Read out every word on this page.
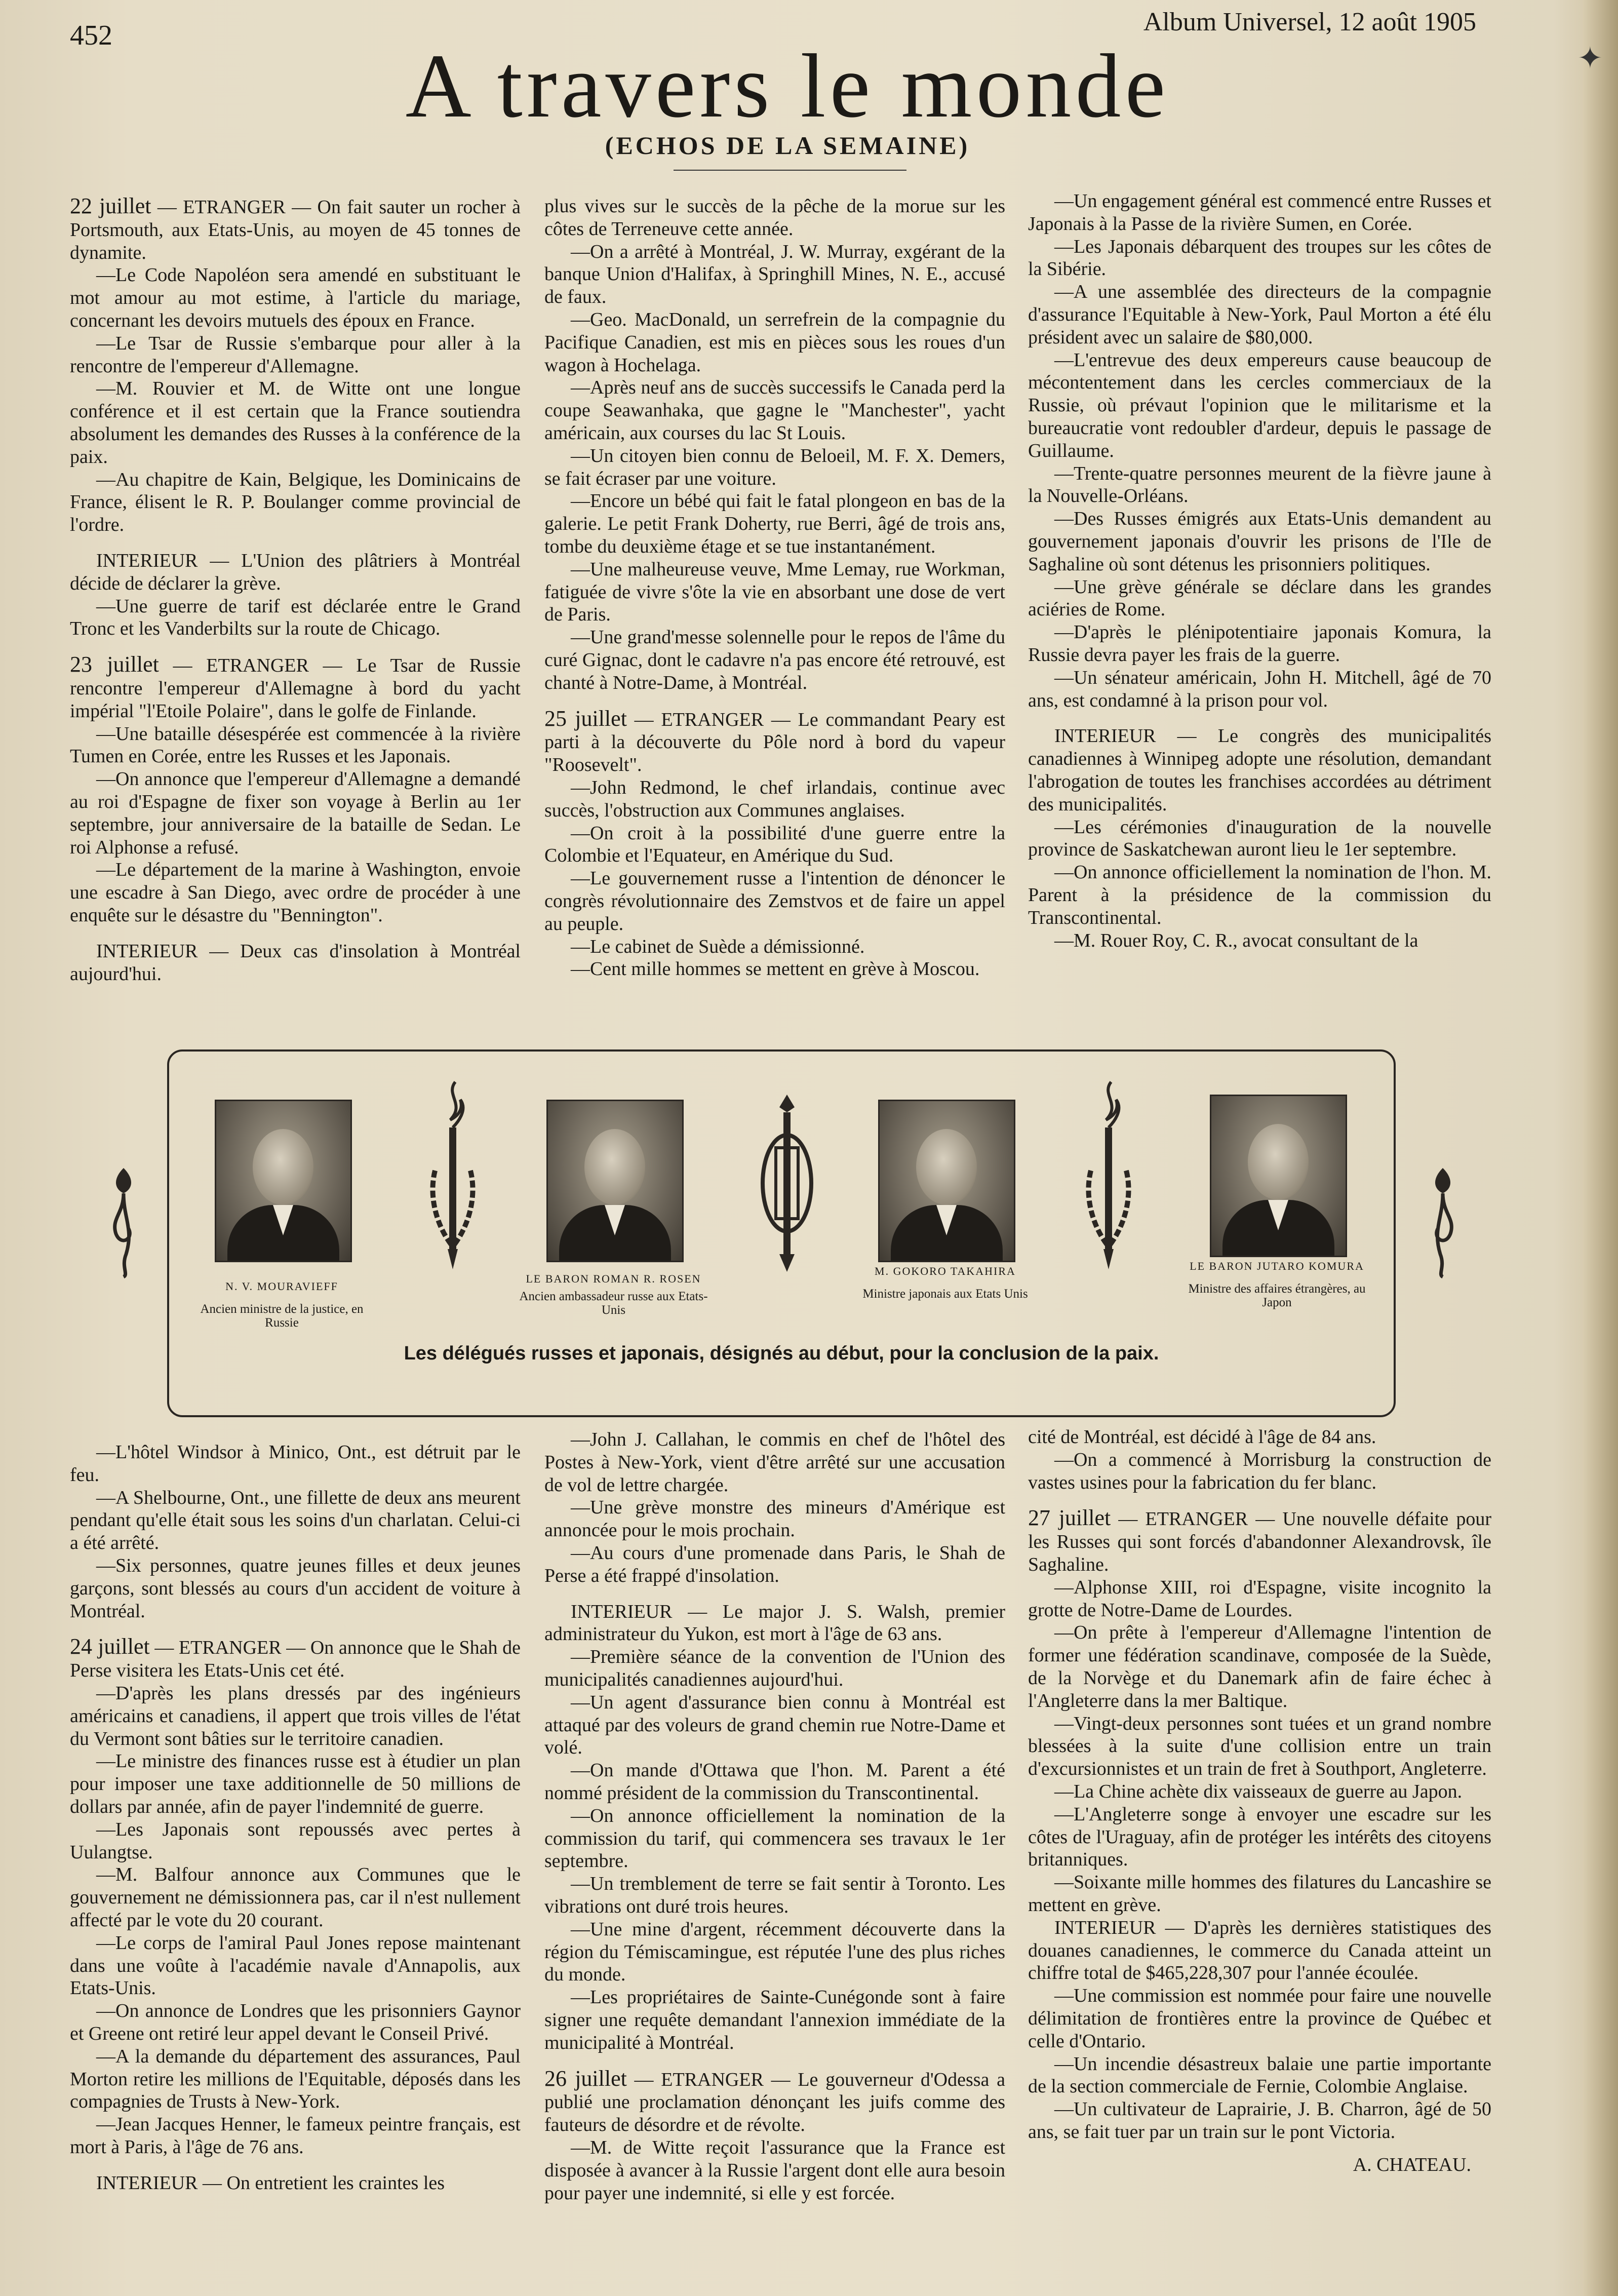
✦
452	Album Universel, 12 août 1905
A travers le monde
(ECHOS DE LA SEMAINE)

22 juillet — ETRANGER — On fait sauter un rocher à Portsmouth, aux Etats-Unis, au moyen de 45 tonnes de dynamite.

—Le Code Napoléon sera amendé en substituant le mot amour au mot estime, à l'article du mariage, concernant les devoirs mutuels des époux en France.

—Le Tsar de Russie s'embarque pour aller à la rencontre de l'empereur d'Allemagne.

—M. Rouvier et M. de Witte ont une longue conférence et il est certain que la France soutiendra absolument les demandes des Russes à la conférence de la paix.

—Au chapitre de Kain, Belgique, les Dominicains de France, élisent le R. P. Boulanger comme provincial de l'ordre.

INTERIEUR — L'Union des plâtriers à Montréal décide de déclarer la grève.

—Une guerre de tarif est déclarée entre le Grand Tronc et les Vanderbilts sur la route de Chicago.

23 juillet — ETRANGER — Le Tsar de Russie rencontre l'empereur d'Allemagne à bord du yacht impérial "l'Etoile Polaire", dans le golfe de Finlande.

—Une bataille désespérée est commencée à la rivière Tumen en Corée, entre les Russes et les Japonais.

—On annonce que l'empereur d'Allemagne a demandé au roi d'Espagne de fixer son voyage à Berlin au 1er septembre, jour anniversaire de la bataille de Sedan. Le roi Alphonse a refusé.

—Le département de la marine à Washington, envoie une escadre à San Diego, avec ordre de procéder à une enquête sur le désastre du "Bennington".

INTERIEUR — Deux cas d'insolation à Montréal aujourd'hui.

plus vives sur le succès de la pêche de la morue sur les côtes de Terreneuve cette année.

—On a arrêté à Montréal, J. W. Murray, exgérant de la banque Union d'Halifax, à Springhill Mines, N. E., accusé de faux.

—Geo. MacDonald, un serrefrein de la compagnie du Pacifique Canadien, est mis en pièces sous les roues d'un wagon à Hochelaga.

—Après neuf ans de succès successifs le Canada perd la coupe Seawanhaka, que gagne le "Manchester", yacht américain, aux courses du lac St Louis.

—Un citoyen bien connu de Beloeil, M. F. X. Demers, se fait écraser par une voiture.

—Encore un bébé qui fait le fatal plongeon en bas de la galerie. Le petit Frank Doherty, rue Berri, âgé de trois ans, tombe du deuxième étage et se tue instantanément.

—Une malheureuse veuve, Mme Lemay, rue Workman, fatiguée de vivre s'ôte la vie en absorbant une dose de vert de Paris.

—Une grand'messe solennelle pour le repos de l'âme du curé Gignac, dont le cadavre n'a pas encore été retrouvé, est chanté à Notre-Dame, à Montréal.

25 juillet — ETRANGER — Le commandant Peary est parti à la découverte du Pôle nord à bord du vapeur "Roosevelt".

—John Redmond, le chef irlandais, continue avec succès, l'obstruction aux Communes anglaises.

—On croit à la possibilité d'une guerre entre la Colombie et l'Equateur, en Amérique du Sud.

—Le gouvernement russe a l'intention de dénoncer le congrès révolutionnaire des Zemstvos et de faire un appel au peuple.

—Le cabinet de Suède a démissionné.

—Cent mille hommes se mettent en grève à Moscou.

—Un engagement général est commencé entre Russes et Japonais à la Passe de la rivière Sumen, en Corée.

—Les Japonais débarquent des troupes sur les côtes de la Sibérie.

—A une assemblée des directeurs de la compagnie d'assurance l'Equitable à New-York, Paul Morton a été élu président avec un salaire de $80,000.

—L'entrevue des deux empereurs cause beaucoup de mécontentement dans les cercles commerciaux de la Russie, où prévaut l'opinion que le militarisme et la bureaucratie vont redoubler d'ardeur, depuis le passage de Guillaume.

—Trente-quatre personnes meurent de la fièvre jaune à la Nouvelle-Orléans.

—Des Russes émigrés aux Etats-Unis demandent au gouvernement japonais d'ouvrir les prisons de l'Ile de Saghaline où sont détenus les prisonniers politiques.

—Une grève générale se déclare dans les grandes aciéries de Rome.

—D'après le plénipotentiaire japonais Komura, la Russie devra payer les frais de la guerre.

—Un sénateur américain, John H. Mitchell, âgé de 70 ans, est condamné à la prison pour vol.

INTERIEUR — Le congrès des municipalités canadiennes à Winnipeg adopte une résolution, demandant l'abrogation de toutes les franchises accordées au détriment des municipalités.

—Les cérémonies d'inauguration de la nouvelle province de Saskatchewan auront lieu le 1er septembre.

—On annonce officiellement la nomination de l'hon. M. Parent à la présidence de la commission du Transcontinental.

—M. Rouer Roy, C. R., avocat consultant de la

N. V. MOURAVIEFF
Ancien ministre de la justice, en Russie
LE BARON ROMAN R. ROSEN
Ancien ambassadeur russe aux Etats-Unis
M. GOKORO TAKAHIRA
Ministre japonais aux Etats Unis
LE BARON JUTARO KOMURA
Ministre des affaires étrangères, au Japon
Les délégués russes et japonais, désignés au début, pour la conclusion de la paix.

—L'hôtel Windsor à Minico, Ont., est détruit par le feu.

—A Shelbourne, Ont., une fillette de deux ans meurent pendant qu'elle était sous les soins d'un charlatan. Celui-ci a été arrêté.

—Six personnes, quatre jeunes filles et deux jeunes garçons, sont blessés au cours d'un accident de voiture à Montréal.

24 juillet — ETRANGER — On annonce que le Shah de Perse visitera les Etats-Unis cet été.

—D'après les plans dressés par des ingénieurs américains et canadiens, il appert que trois villes de l'état du Vermont sont bâties sur le territoire canadien.

—Le ministre des finances russe est à étudier un plan pour imposer une taxe additionnelle de 50 millions de dollars par année, afin de payer l'indemnité de guerre.

—Les Japonais sont repoussés avec pertes à Uulangtse.

—M. Balfour annonce aux Communes que le gouvernement ne démissionnera pas, car il n'est nullement affecté par le vote du 20 courant.

—Le corps de l'amiral Paul Jones repose maintenant dans une voûte à l'académie navale d'Annapolis, aux Etats-Unis.

—On annonce de Londres que les prisonniers Gaynor et Greene ont retiré leur appel devant le Conseil Privé.

—A la demande du département des assurances, Paul Morton retire les millions de l'Equitable, déposés dans les compagnies de Trusts à New-York.

—Jean Jacques Henner, le fameux peintre français, est mort à Paris, à l'âge de 76 ans.

INTERIEUR — On entretient les craintes les

—John J. Callahan, le commis en chef de l'hôtel des Postes à New-York, vient d'être arrêté sur une accusation de vol de lettre chargée.

—Une grève monstre des mineurs d'Amérique est annoncée pour le mois prochain.

—Au cours d'une promenade dans Paris, le Shah de Perse a été frappé d'insolation.

INTERIEUR — Le major J. S. Walsh, premier administrateur du Yukon, est mort à l'âge de 63 ans.

—Première séance de la convention de l'Union des municipalités canadiennes aujourd'hui.

—Un agent d'assurance bien connu à Montréal est attaqué par des voleurs de grand chemin rue Notre-Dame et volé.

—On mande d'Ottawa que l'hon. M. Parent a été nommé président de la commission du Transcontinental.

—On annonce officiellement la nomination de la commission du tarif, qui commencera ses travaux le 1er septembre.

—Un tremblement de terre se fait sentir à Toronto. Les vibrations ont duré trois heures.

—Une mine d'argent, récemment découverte dans la région du Témiscamingue, est réputée l'une des plus riches du monde.

—Les propriétaires de Sainte-Cunégonde sont à faire signer une requête demandant l'annexion immédiate de la municipalité à Montréal.

26 juillet — ETRANGER — Le gouverneur d'Odessa a publié une proclamation dénonçant les juifs comme des fauteurs de désordre et de révolte.

—M. de Witte reçoit l'assurance que la France est disposée à avancer à la Russie l'argent dont elle aura besoin pour payer une indemnité, si elle y est forcée.

cité de Montréal, est décidé à l'âge de 84 ans.

—On a commencé à Morrisburg la construction de vastes usines pour la fabrication du fer blanc.

27 juillet — ETRANGER — Une nouvelle défaite pour les Russes qui sont forcés d'abandonner Alexandrovsk, île Saghaline.

—Alphonse XIII, roi d'Espagne, visite incognito la grotte de Notre-Dame de Lourdes.

—On prête à l'empereur d'Allemagne l'intention de former une fédération scandinave, composée de la Suède, de la Norvège et du Danemark afin de faire échec à l'Angleterre dans la mer Baltique.

—Vingt-deux personnes sont tuées et un grand nombre blessées à la suite d'une collision entre un train d'excursionnistes et un train de fret à Southport, Angleterre.

—La Chine achète dix vaisseaux de guerre au Japon.

—L'Angleterre songe à envoyer une escadre sur les côtes de l'Uraguay, afin de protéger les intérêts des citoyens britanniques.

—Soixante mille hommes des filatures du Lancashire se mettent en grève.

INTERIEUR — D'après les dernières statistiques des douanes canadiennes, le commerce du Canada atteint un chiffre total de $465,228,307 pour l'année écoulée.

—Une commission est nommée pour faire une nouvelle délimitation de frontières entre la province de Québec et celle d'Ontario.

—Un incendie désastreux balaie une partie importante de la section commerciale de Fernie, Colombie Anglaise.

—Un cultivateur de Laprairie, J. B. Charron, âgé de 50 ans, se fait tuer par un train sur le pont Victoria.

A. CHATEAU.
